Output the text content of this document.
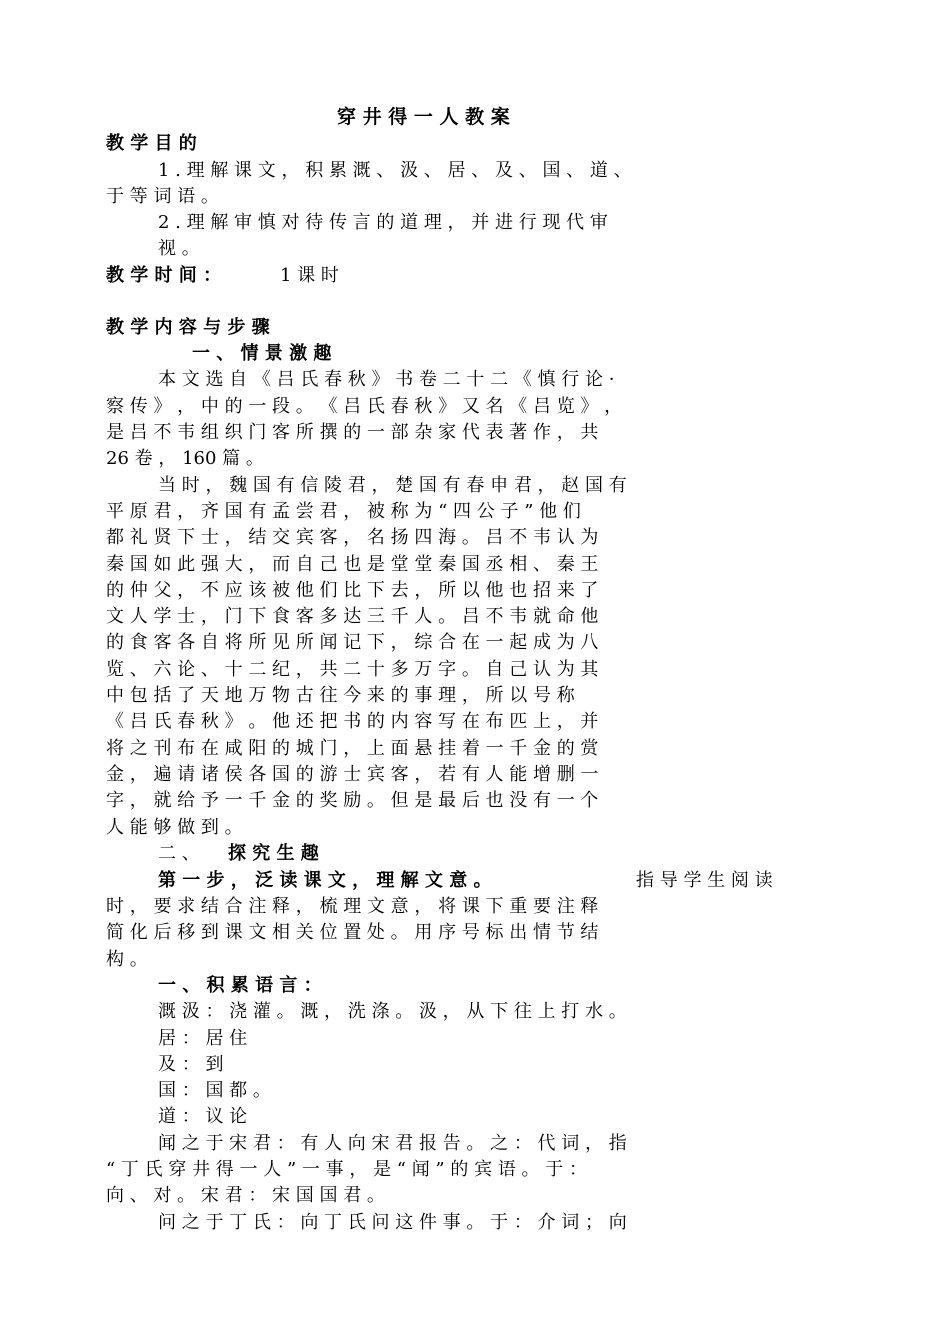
穿 井 得 一 人 教 案
教 学 目 的
1 . 理 解 课 文 ， 积 累 溉 、 汲 、 居 、 及 、 国 、 道 、
于 等 词 语 。
2 . 理 解 审 慎 对 待 传 言 的 道 理 ， 并 进 行 现 代 审
视 。
教 学 时 间 ：	1 课 时
教 学 内 容 与 步 骤
一 、 情 景 激 趣
本 文 选 自 《 吕 氏 春 秋 》 书 卷 二 十 二 《 慎 行 论 ·
察 传 》 ， 中 的 一 段 。 《 吕 氏 春 秋 》 又 名 《 吕 览 》 ，
是 吕 不 韦 组 织 门 客 所 撰 的 一 部 杂 家 代 表 著 作 ， 共
26 卷 ， 160 篇 。
当 时 ， 魏 国 有 信 陵 君 ， 楚 国 有 春 申 君 ， 赵 国 有
平 原 君 ， 齐 国 有 孟 尝 君 ， 被 称 为 “ 四 公 子 ” 他 们
都 礼 贤 下 士 ， 结 交 宾 客 ， 名 扬 四 海 。 吕 不 韦 认 为
秦 国 如 此 强 大 ， 而 自 己 也 是 堂 堂 秦 国 丞 相 、 秦 王
的 仲 父 ， 不 应 该 被 他 们 比 下 去 ， 所 以 他 也 招 来 了
文 人 学 士 ， 门 下 食 客 多 达 三 千 人 。 吕 不 韦 就 命 他
的 食 客 各 自 将 所 见 所 闻 记 下 ， 综 合 在 一 起 成 为 八
览 、 六 论 、 十 二 纪 ， 共 二 十 多 万 字 。 自 己 认 为 其
中 包 括 了 天 地 万 物 古 往 今 来 的 事 理 ， 所 以 号 称
《 吕 氏 春 秋 》 。 他 还 把 书 的 内 容 写 在 布 匹 上 ， 并
将 之 刊 布 在 咸 阳 的 城 门 ， 上 面 悬 挂 着 一 千 金 的 赏
金 ， 遍 请 诸 侯 各 国 的 游 士 宾 客 ， 若 有 人 能 增 删 一
字 ， 就 给 予 一 千 金 的 奖 励 。 但 是 最 后 也 没 有 一 个
人 能 够 做 到 。
二 、 探 究 生 趣
第 一 步 ， 泛 读 课 文 ， 理 解 文 意 。	指 导 学 生 阅 读
时 ， 要 求 结 合 注 释 ， 梳 理 文 意 ， 将 课 下 重 要 注 释
简 化 后 移 到 课 文 相 关 位 置 处 。 用 序 号 标 出 情 节 结
构 。
一 、 积 累 语 言 ：
溉 汲 ： 浇 灌 。 溉 ， 洗 涤 。 汲 ， 从 下 往 上 打 水 。
居 ： 居 住
及 ： 到
国 ： 国 都 。
道 ： 议 论
闻 之 于 宋 君 ： 有 人 向 宋 君 报 告 。 之 ： 代 词 ， 指
“ 丁 氏 穿 井 得 一 人 ” 一 事 ， 是 “ 闻 ” 的 宾 语 。 于 ：
向 、 对 。 宋 君 ： 宋 国 国 君 。
问 之 于 丁 氏 ： 向 丁 氏 问 这 件 事 。 于 ： 介 词 ； 向
